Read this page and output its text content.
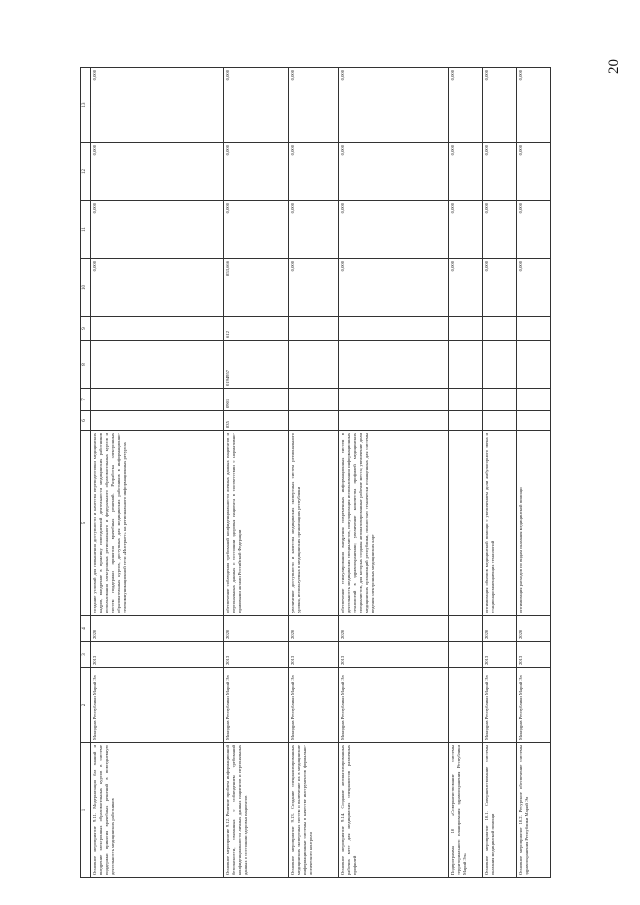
20
1	2	3	4	5	6	7	8	9	10	11	12	13
Основное мероприятие 9.11. Модернизация баз знаний и внедрение электронных образовательных курсов в системе поддержки принятия врачебных решений в повседневную деятельность медицинских работников	Минздрав Республики Марий Эл	2013	2020	создание условий для повышения доступности и качества переподготовки медицинских кадров, внедрение в практику повседневной деятельности медицинских работников использования электронных регионального и федерального образовательных курсов и систем поддержки принятия врачебных решений. Разработка электронных образовательных курсов, доступных для медицинских работников в информационно-телекоммуникационной сети «Интернет» на регионального информационных ресурсах					0,000	0,000	0,000	0,000
Основное мероприятие 9.12. Решение проблем информационной безопасности, связанных с соблюдением требований конфиденциальности личных данных пациентов и персональных данных о состоянии здоровья пациентов	Минздрав Республики Марий Эл	2013	2020	обеспечение соблюдения требований конфиденциальности личных данных пациентов и персональных данных о состоянии здоровья пациента в соответствии с нормативно-правовыми актами Российской Федерации	835	0901	0194957	612	853,666	0,000	0,000	0,000
Основное мероприятие 9.13. Создание специализированных медицинских экспертных систем и включение их в медицинские информационные системы в качестве инструментов формально-логического контроля	Минздрав Республики Марий Эл	2013	2020	увеличение доступности и качества медицинских экспертных систем регионального уровня, используемых в медицинских организациях республики					0,000	0,000	0,000	0,000
Основное мероприятие 9.14. Создание автоматизированных рабочих мест для медицинских специалистов различных профилей	Минздрав Республики Марий Эл	2013	2020	обеспечение стимулирования внедрения современных информационных систем в деятельность медицинских специалистов, популяризация использования информационных технологий в здравоохранении; увеличение количества профилей медицинских специалистов, для которых созданы автоматизированные рабочие места; увеличение доли медицинских организаций республики, полностью технически оснащенных для системы ведения электронных медицинских карт					0,000	0,000	0,000	0,000
Подпрограмма 10 «Совершенствование системы территориального планирования здравоохранения Республики Марий Эл»									0,000	0,000	0,000	0,000
Основное мероприятие 10.1. Совершенствование системы оказания медицинской помощи	Минздрав Республики Марий Эл	2013	2020	оптимизация объемов медицинской помощи с увеличением доли амбулаторного звена и стационарозамещающих технологий					0,000	0,000	0,000	0,000
Основное мероприятие 10.2. Ресурсное обеспечение системы здравоохранения Республики Марий Эл	Минздрав Республики Марий Эл	2013	2020	оптимизация расходов по видам оказания медицинской помощи					0,000	0,000	0,000	0,000
